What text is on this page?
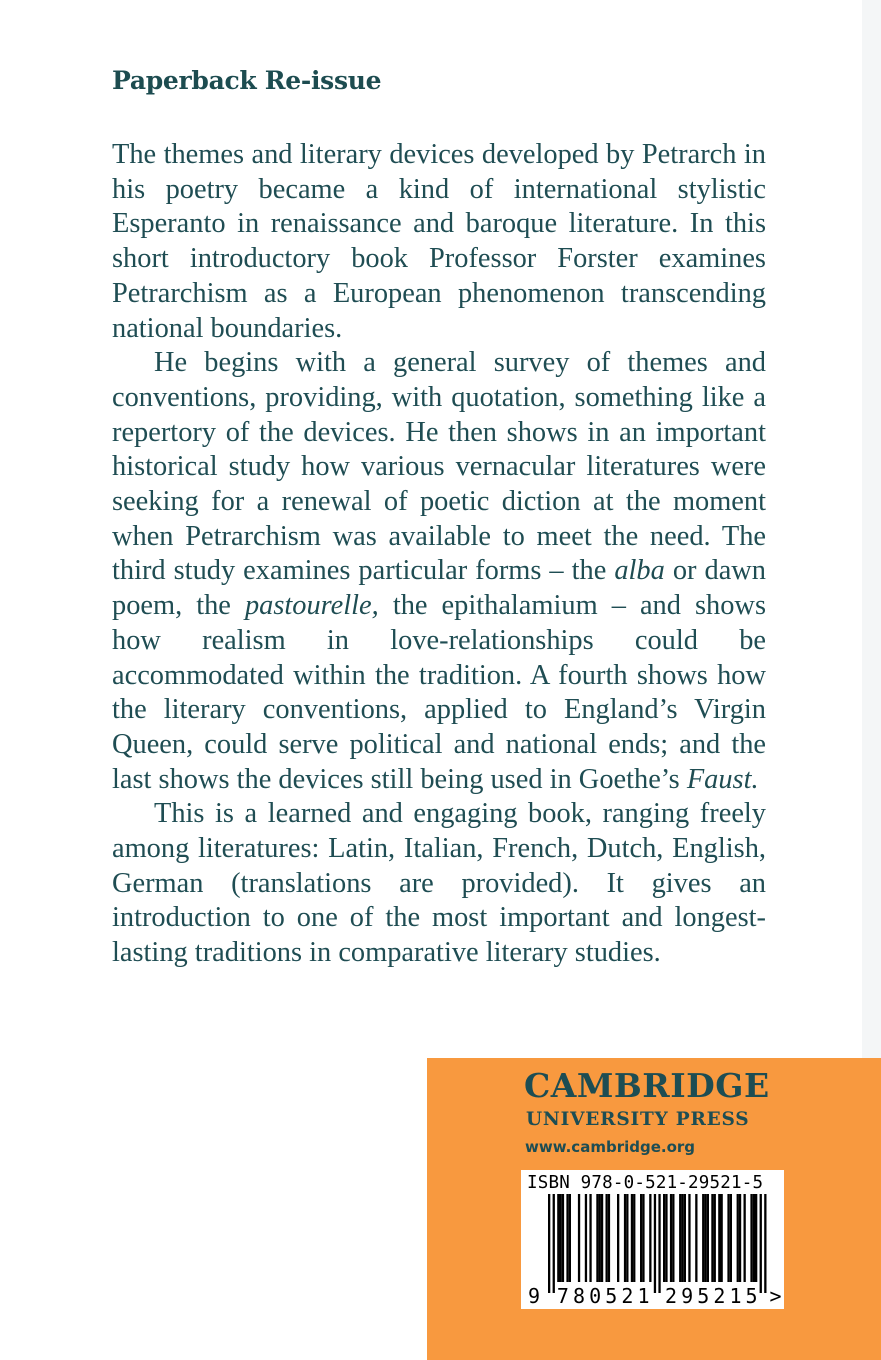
Paperback Re-issue

The themes and literary devices developed by Petrarch in his poetry became a kind of international stylistic Esperanto in renaissance and baroque literature. In this short introductory book Professor Forster examines Petrarchism as a European phenomenon transcending national boundaries.

He begins with a general survey of themes and conventions, providing, with quotation, something like a repertory of the devices. He then shows in an important historical study how various vernacular literatures were seeking for a renewal of poetic diction at the moment when Petrarchism was available to meet the need. The third study examines particular forms – the alba or dawn poem, the pastourelle, the epithalamium – and shows how realism in love-relationships could be accommodated within the tradition. A fourth shows how the literary conventions, applied to England’s Virgin Queen, could serve political and national ends; and the last shows the devices still being used in Goethe’s Faust.

This is a learned and engaging book, ranging freely among literatures: Latin, Italian, French, Dutch, English, German (translations are provided). It gives an introduction to one of the most important and longest-lasting traditions in comparative literary studies.

CAMBRIDGE
UNIVERSITY PRESS
www.cambridge.org
ISBN 978-0-521-29521-5
9 780521 295215 >
